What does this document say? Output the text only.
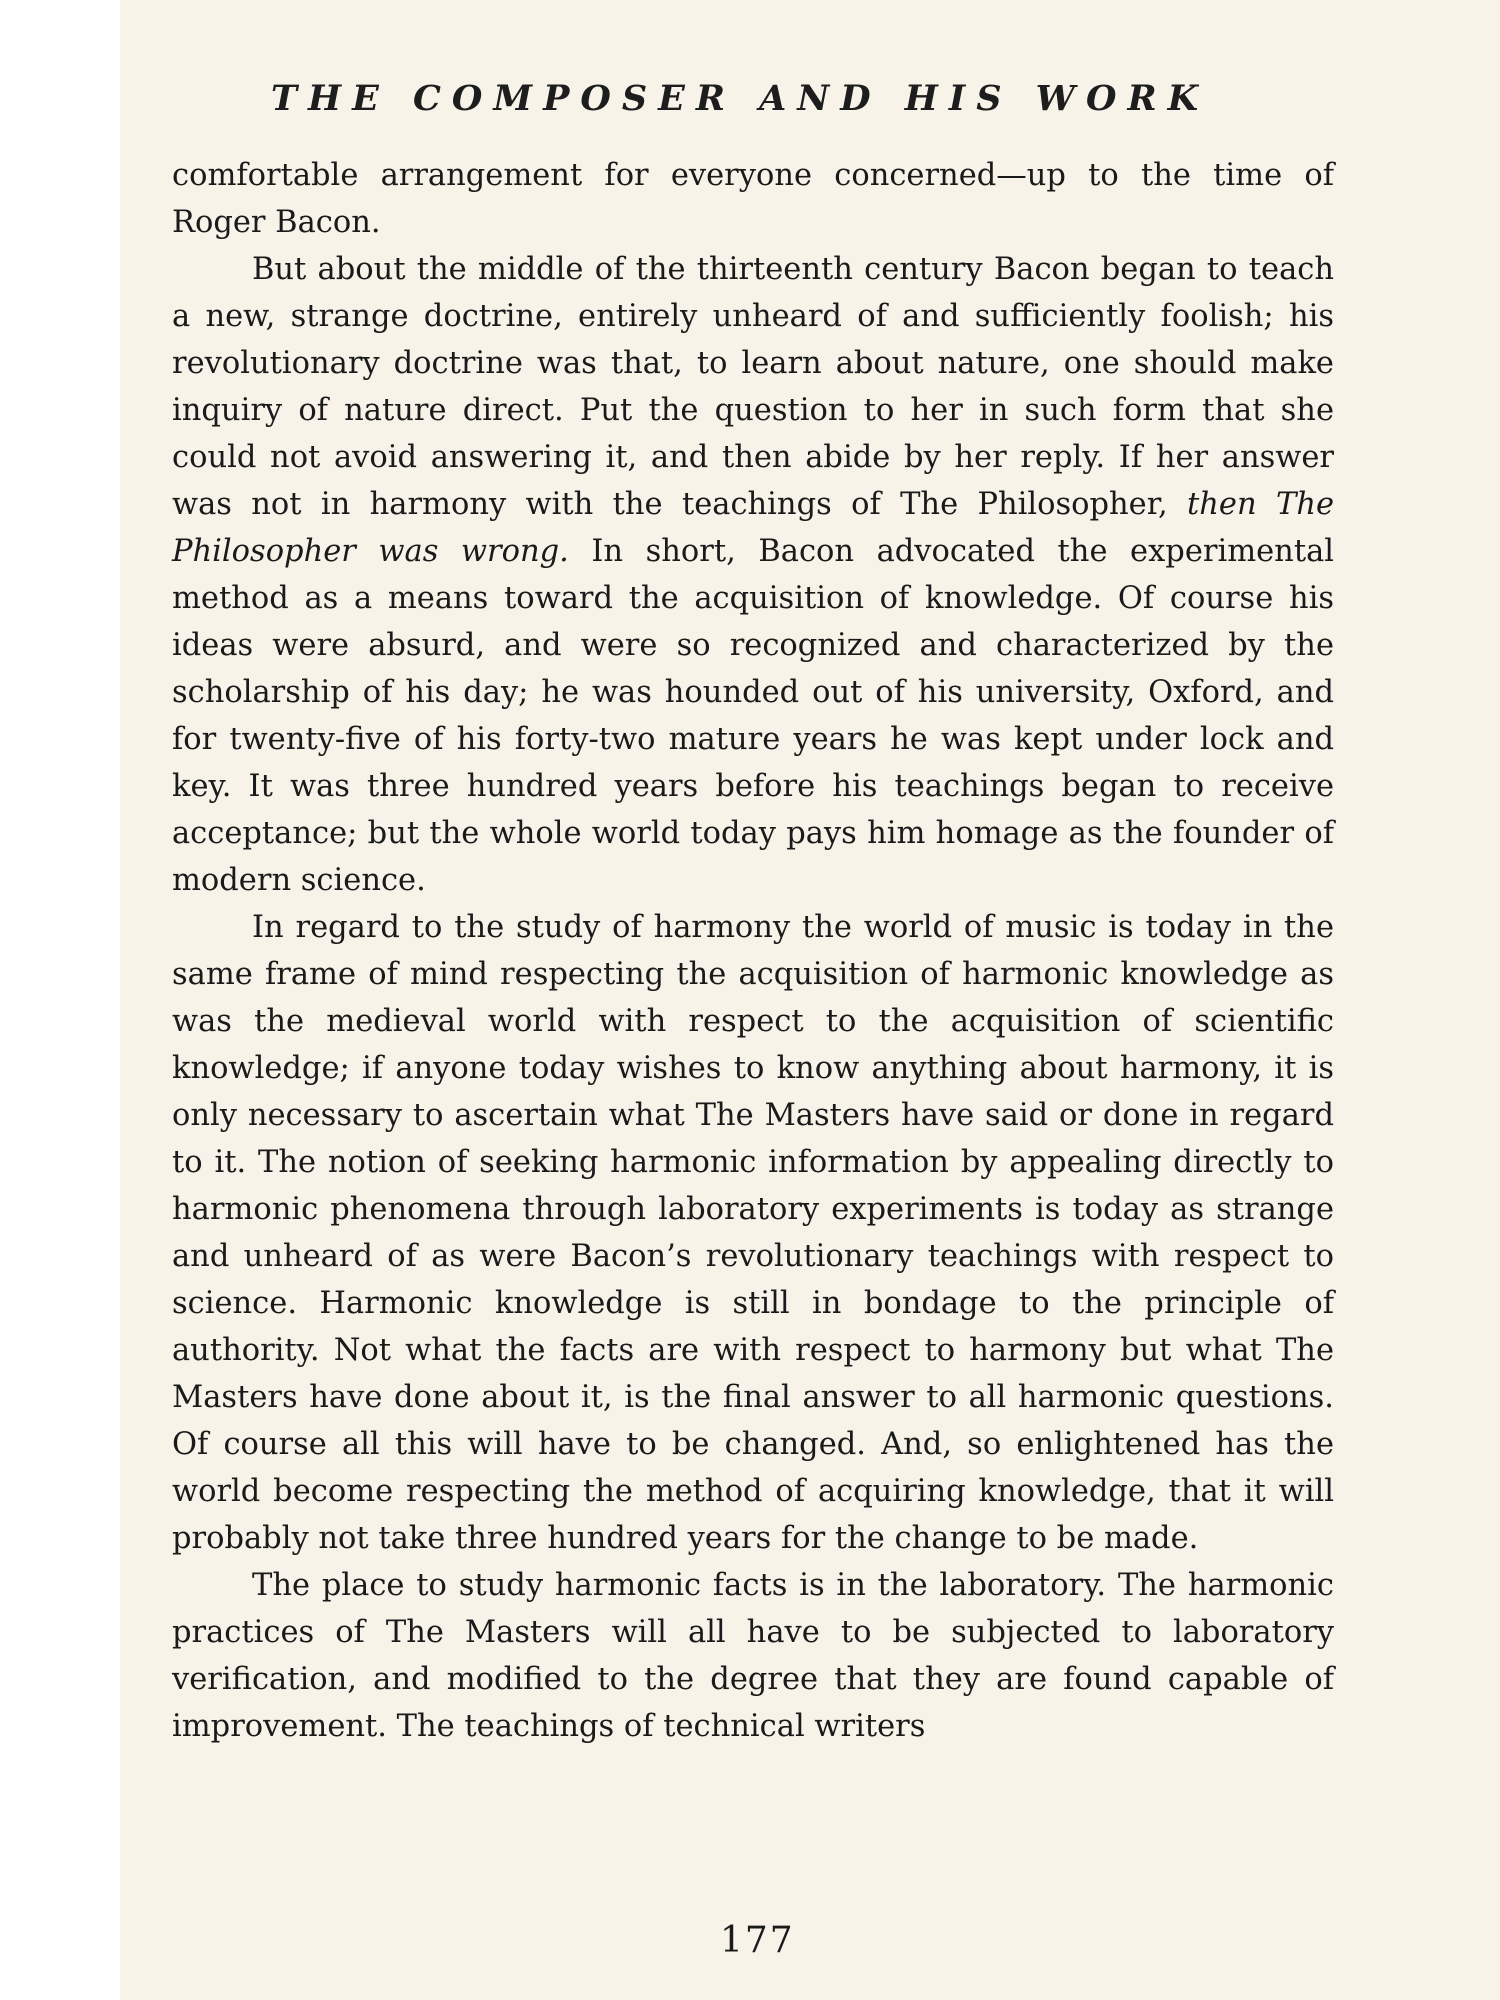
THE COMPOSER AND HIS WORK

comfortable arrangement for everyone concerned—up to the time of Roger Bacon.

But about the middle of the thirteenth century Bacon began to teach a new, strange doctrine, entirely unheard of and sufficiently foolish; his revolutionary doctrine was that, to learn about nature, one should make inquiry of nature direct. Put the question to her in such form that she could not avoid answering it, and then abide by her reply. If her answer was not in harmony with the teachings of The Philosopher, then The Philosopher was wrong. In short, Bacon advocated the experimental method as a means toward the acquisition of knowledge. Of course his ideas were absurd, and were so recognized and characterized by the scholarship of his day; he was hounded out of his university, Oxford, and for twenty-five of his forty-two mature years he was kept under lock and key. It was three hundred years before his teachings began to receive acceptance; but the whole world today pays him homage as the founder of modern science.

In regard to the study of harmony the world of music is today in the same frame of mind respecting the acquisition of harmonic knowledge as was the medieval world with respect to the acquisition of scientific knowledge; if anyone today wishes to know anything about harmony, it is only necessary to ascertain what The Masters have said or done in regard to it. The notion of seeking harmonic information by appealing directly to harmonic phenomena through laboratory experiments is today as strange and unheard of as were Bacon’s revolutionary teachings with respect to science. Harmonic knowledge is still in bondage to the principle of authority. Not what the facts are with respect to harmony but what The Masters have done about it, is the final answer to all harmonic questions. Of course all this will have to be changed. And, so enlightened has the world become respecting the method of acquiring knowledge, that it will probably not take three hundred years for the change to be made.

The place to study harmonic facts is in the laboratory. The harmonic practices of The Masters will all have to be subjected to laboratory verification, and modified to the degree that they are found capable of improvement. The teachings of technical writers

177
